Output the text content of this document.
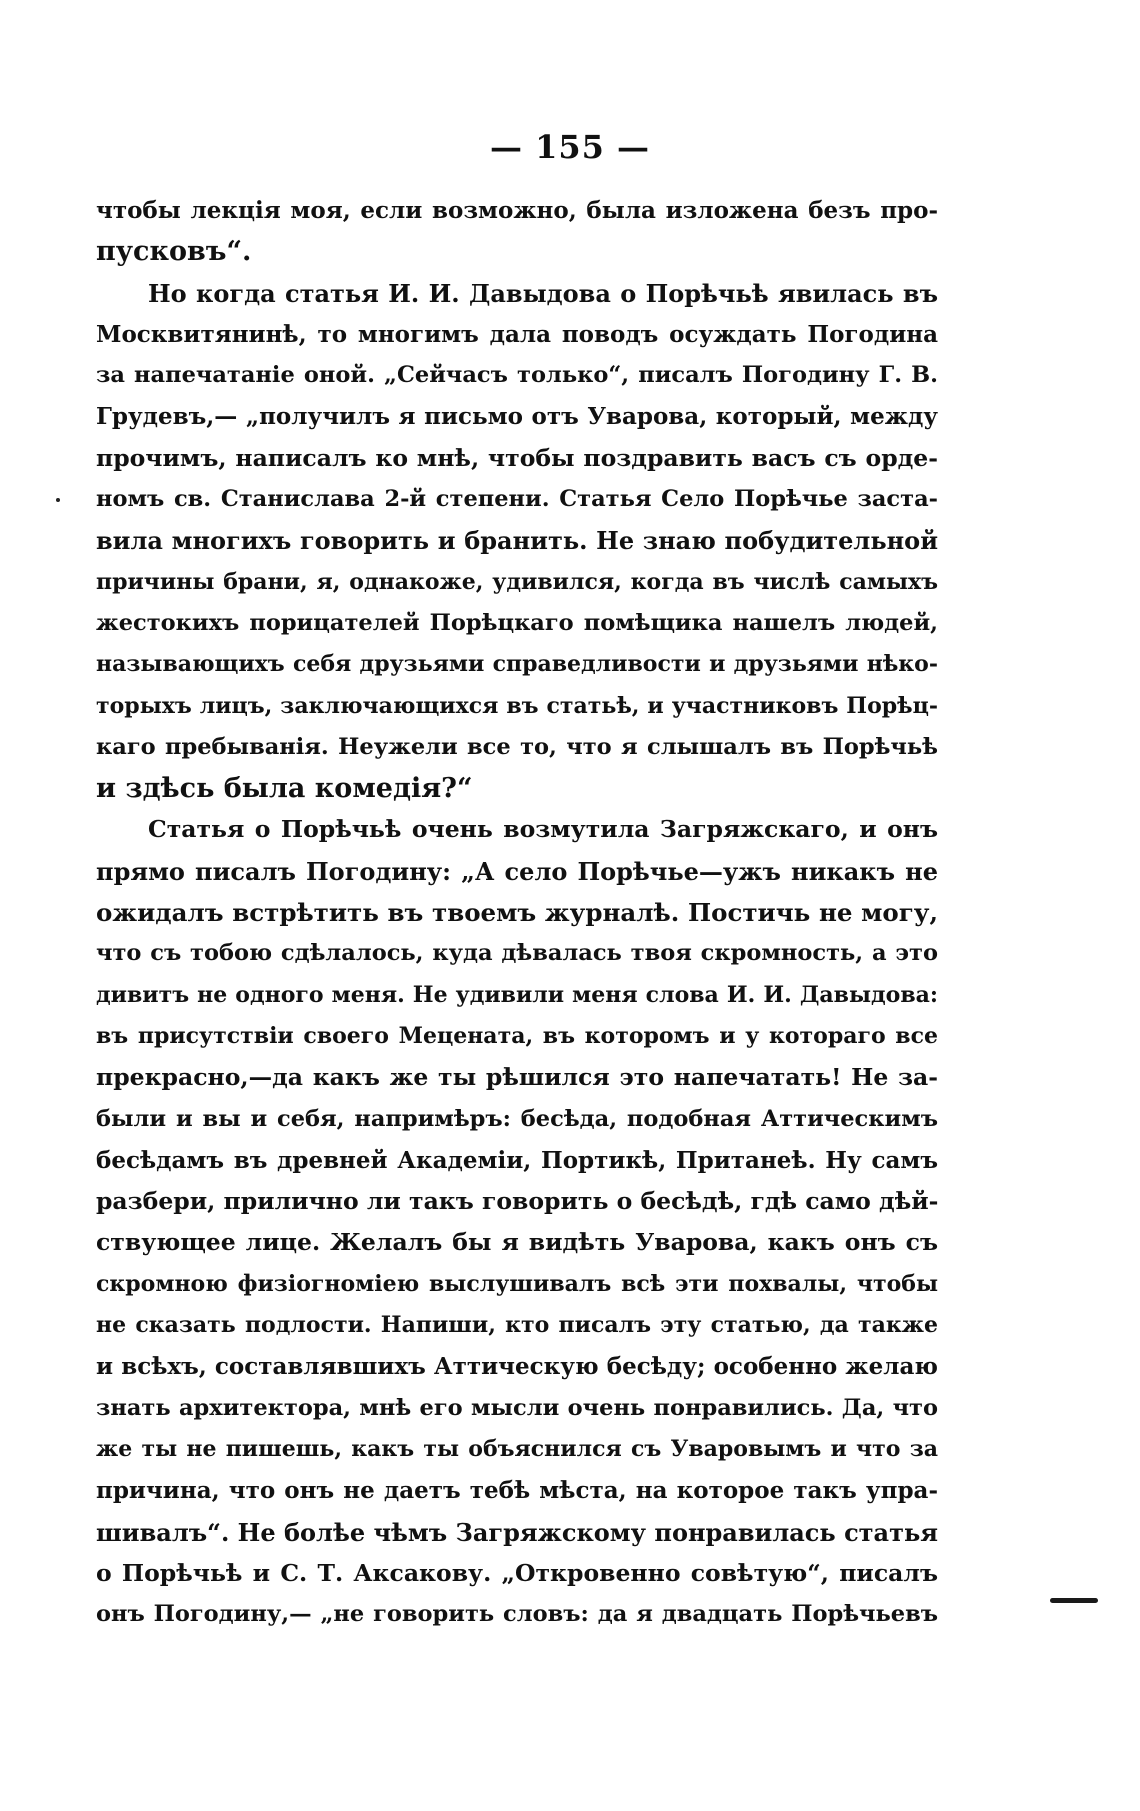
— 155 —
чтобы лекція моя, если возможно, была изложена безъ про-
пусковъ“.
Но когда статья И. И. Давыдова о Порѣчьѣ явилась въ
Москвитянинѣ, то многимъ дала поводъ осуждать Погодина
за напечатаніе оной. „Сейчасъ только“, писалъ Погодину Г. В.
Грудевъ,— „получилъ я письмо отъ Уварова, который, между
прочимъ, написалъ ко мнѣ, чтобы поздравить васъ съ орде-
номъ св. Станислава 2-й степени. Статья Село Порѣчье заста-
вила многихъ говорить и бранить. Не знаю побудительной
причины брани, я, однакоже, удивился, когда въ числѣ самыхъ
жестокихъ порицателей Порѣцкаго помѣщика нашелъ людей,
называющихъ себя друзьями справедливости и друзьями нѣко-
торыхъ лицъ, заключающихся въ статьѣ, и участниковъ Порѣц-
каго пребыванія. Неужели все то, что я слышалъ въ Порѣчьѣ
и здѣсь была комедія?“
Статья о Порѣчьѣ очень возмутила Загряжскаго, и онъ
прямо писалъ Погодину: „А село Порѣчье—ужъ никакъ не
ожидалъ встрѣтить въ твоемъ журналѣ. Постичь не могу,
что съ тобою сдѣлалось, куда дѣвалась твоя скромность, а это
дивитъ не одного меня. Не удивили меня слова И. И. Давыдова:
въ присутствіи своего Мецената, въ которомъ и у котораго все
прекрасно,—да какъ же ты рѣшился это напечатать! Не за-
были и вы и себя, напримѣръ: бесѣда, подобная Аттическимъ
бесѣдамъ въ древней Академіи, Портикѣ, Пританеѣ. Ну самъ
разбери, прилично ли такъ говорить о бесѣдѣ, гдѣ само дѣй-
ствующее лице. Желалъ бы я видѣть Уварова, какъ онъ съ
скромною физіогноміею выслушивалъ всѣ эти похвалы, чтобы
не сказать подлости. Напиши, кто писалъ эту статью, да также
и всѣхъ, составлявшихъ Аттическую бесѣду; особенно желаю
знать архитектора, мнѣ его мысли очень понравились. Да, что
же ты не пишешь, какъ ты объяснился съ Уваровымъ и что за
причина, что онъ не даетъ тебѣ мѣста, на которое такъ упра-
шивалъ“. Не болѣе чѣмъ Загряжскому понравилась статья
о Порѣчьѣ и С. Т. Аксакову. „Откровенно совѣтую“, писалъ
онъ Погодину,— „не говорить словъ: да я двадцать Порѣчьевъ
